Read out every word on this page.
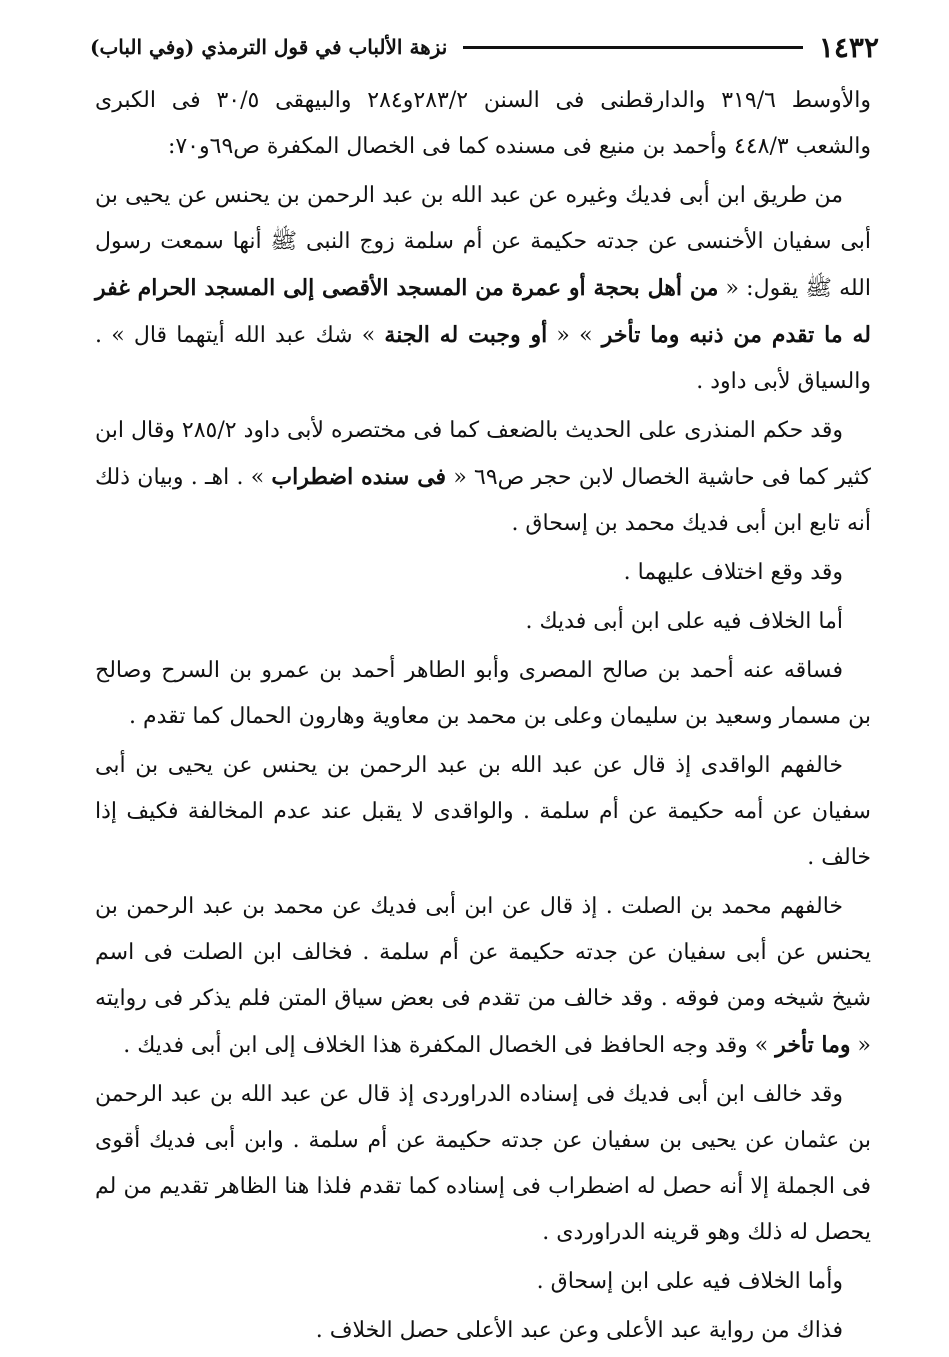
١٤٣٢
نزهة الألباب في قول الترمذي (وفي الباب)

والأوسط ٣١٩/٦ والدارقطنى فى السنن ٢٨٣/٢و٢٨٤ والبيهقى ٣٠/٥ فى الكبرى والشعب ٤٤٨/٣ وأحمد بن منيع فى مسنده كما فى الخصال المكفرة ص٦٩و٧٠:

من طريق ابن أبى فديك وغيره عن عبد الله بن عبد الرحمن بن يحنس عن يحيى بن أبى سفيان الأخنسى عن جدته حكيمة عن أم سلمة زوج النبى ﷺ أنها سمعت رسول الله ﷺ يقول: « من أهل بحجة أو عمرة من المسجد الأقصى إلى المسجد الحرام غفر له ما تقدم من ذنبه وما تأخر » « أو وجبت له الجنة » شك عبد الله أيتهما قال » . والسياق لأبى داود .

وقد حكم المنذرى على الحديث بالضعف كما فى مختصره لأبى داود ٢٨٥/٢ وقال ابن كثير كما فى حاشية الخصال لابن حجر ص٦٩ « فى سنده اضطراب » . اهـ . وبيان ذلك أنه تابع ابن أبى فديك محمد بن إسحاق .

وقد وقع اختلاف عليهما .

أما الخلاف فيه على ابن أبى فديك .

فساقه عنه أحمد بن صالح المصرى وأبو الطاهر أحمد بن عمرو بن السرح وصالح بن مسمار وسعيد بن سليمان وعلى بن محمد بن معاوية وهارون الحمال كما تقدم .

خالفهم الواقدى إذ قال عن عبد الله بن عبد الرحمن بن يحنس عن يحيى بن أبى سفيان عن أمه حكيمة عن أم سلمة . والواقدى لا يقبل عند عدم المخالفة فكيف إذا خالف .

خالفهم محمد بن الصلت . إذ قال عن ابن أبى فديك عن محمد بن عبد الرحمن بن يحنس عن أبى سفيان عن جدته حكيمة عن أم سلمة . فخالف ابن الصلت فى اسم شيخ شيخه ومن فوقه . وقد خالف من تقدم فى بعض سياق المتن فلم يذكر فى روايته « وما تأخر » وقد وجه الحافظ فى الخصال المكفرة هذا الخلاف إلى ابن أبى فديك .

وقد خالف ابن أبى فديك فى إسناده الدراوردى إذ قال عن عبد الله بن عبد الرحمن بن عثمان عن يحيى بن سفيان عن جدته حكيمة عن أم سلمة . وابن أبى فديك أقوى فى الجملة إلا أنه حصل له اضطراب فى إسناده كما تقدم فلذا هنا الظاهر تقديم من لم يحصل له ذلك وهو قرينه الدراوردى .

وأما الخلاف فيه على ابن إسحاق .

فذاك من رواية عبد الأعلى وعن عبد الأعلى حصل الخلاف .
